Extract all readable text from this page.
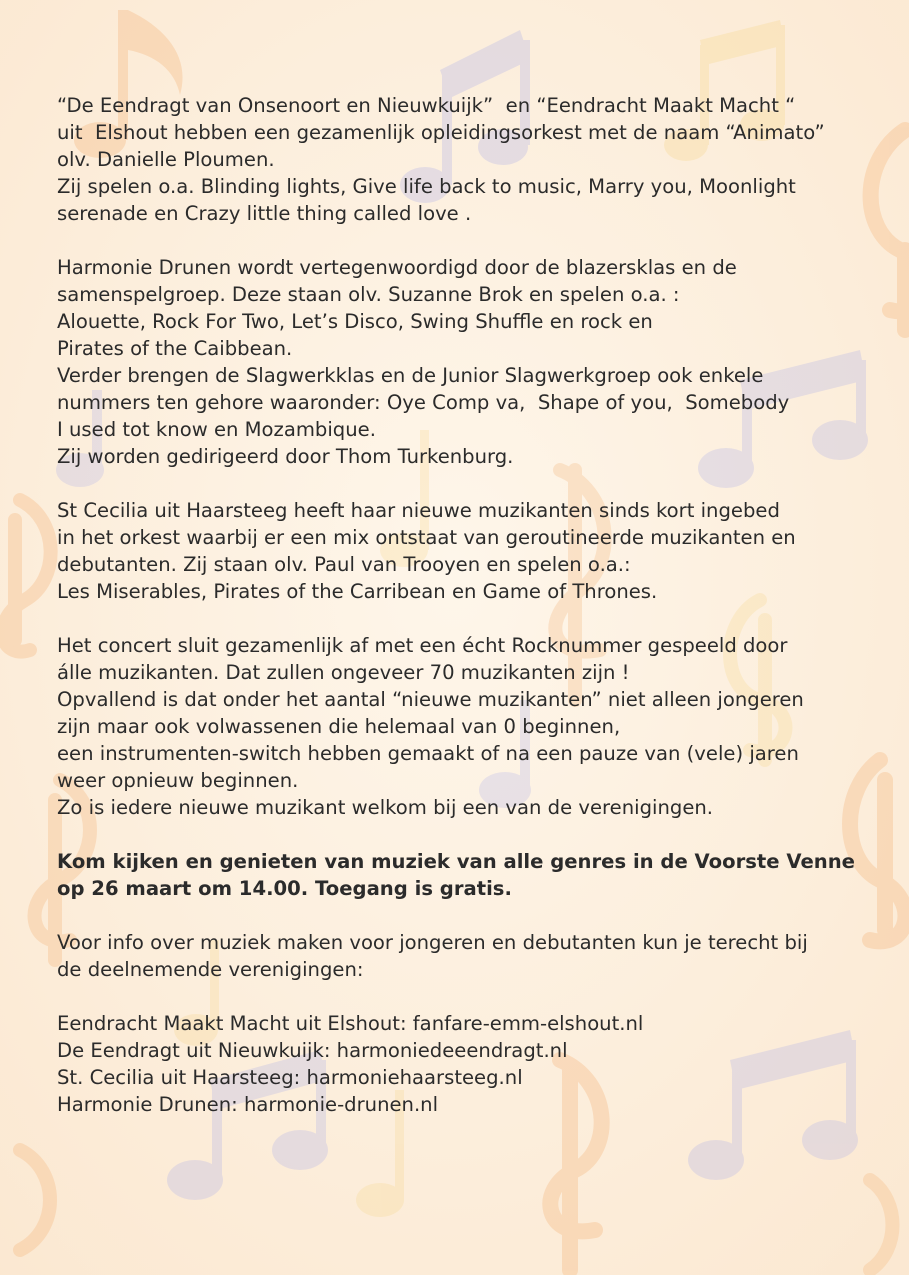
“De Eendragt van Onsenoort en Nieuwkuijk”  en “Eendracht Maakt Macht “
uit  Elshout hebben een gezamenlijk opleidingsorkest met de naam “Animato”
olv. Danielle Ploumen.
Zij spelen o.a. Blinding lights, Give life back to music, Marry you, Moonlight
serenade en Crazy little thing called love .

Harmonie Drunen wordt vertegenwoordigd door de blazersklas en de
samenspelgroep. Deze staan olv. Suzanne Brok en spelen o.a. :
Alouette, Rock For Two, Let’s Disco, Swing Shuffle en rock en
Pirates of the Caibbean.
Verder brengen de Slagwerkklas en de Junior Slagwerkgroep ook enkele
nummers ten gehore waaronder: Oye Comp va,  Shape of you,  Somebody
I used tot know en Mozambique.
Zij worden gedirigeerd door Thom Turkenburg.

St Cecilia uit Haarsteeg heeft haar nieuwe muzikanten sinds kort ingebed
in het orkest waarbij er een mix ontstaat van geroutineerde muzikanten en
debutanten. Zij staan olv. Paul van Trooyen en spelen o.a.:
Les Miserables, Pirates of the Carribean en Game of Thrones.

Het concert sluit gezamenlijk af met een écht Rocknummer gespeeld door
álle muzikanten. Dat zullen ongeveer 70 muzikanten zijn !
Opvallend is dat onder het aantal “nieuwe muzikanten” niet alleen jongeren
zijn maar ook volwassenen die helemaal van 0 beginnen,
een instrumenten-switch hebben gemaakt of na een pauze van (vele) jaren
weer opnieuw beginnen.
Zo is iedere nieuwe muzikant welkom bij een van de verenigingen.

Kom kijken en genieten van muziek van alle genres in de Voorste Venne
op 26 maart om 14.00. Toegang is gratis.

Voor info over muziek maken voor jongeren en debutanten kun je terecht bij
de deelnemende verenigingen:

Eendracht Maakt Macht uit Elshout: fanfare-emm-elshout.nl
De Eendragt uit Nieuwkuijk: harmoniedeeendragt.nl
St. Cecilia uit Haarsteeg: harmoniehaarsteeg.nl
Harmonie Drunen: harmonie-drunen.nl
